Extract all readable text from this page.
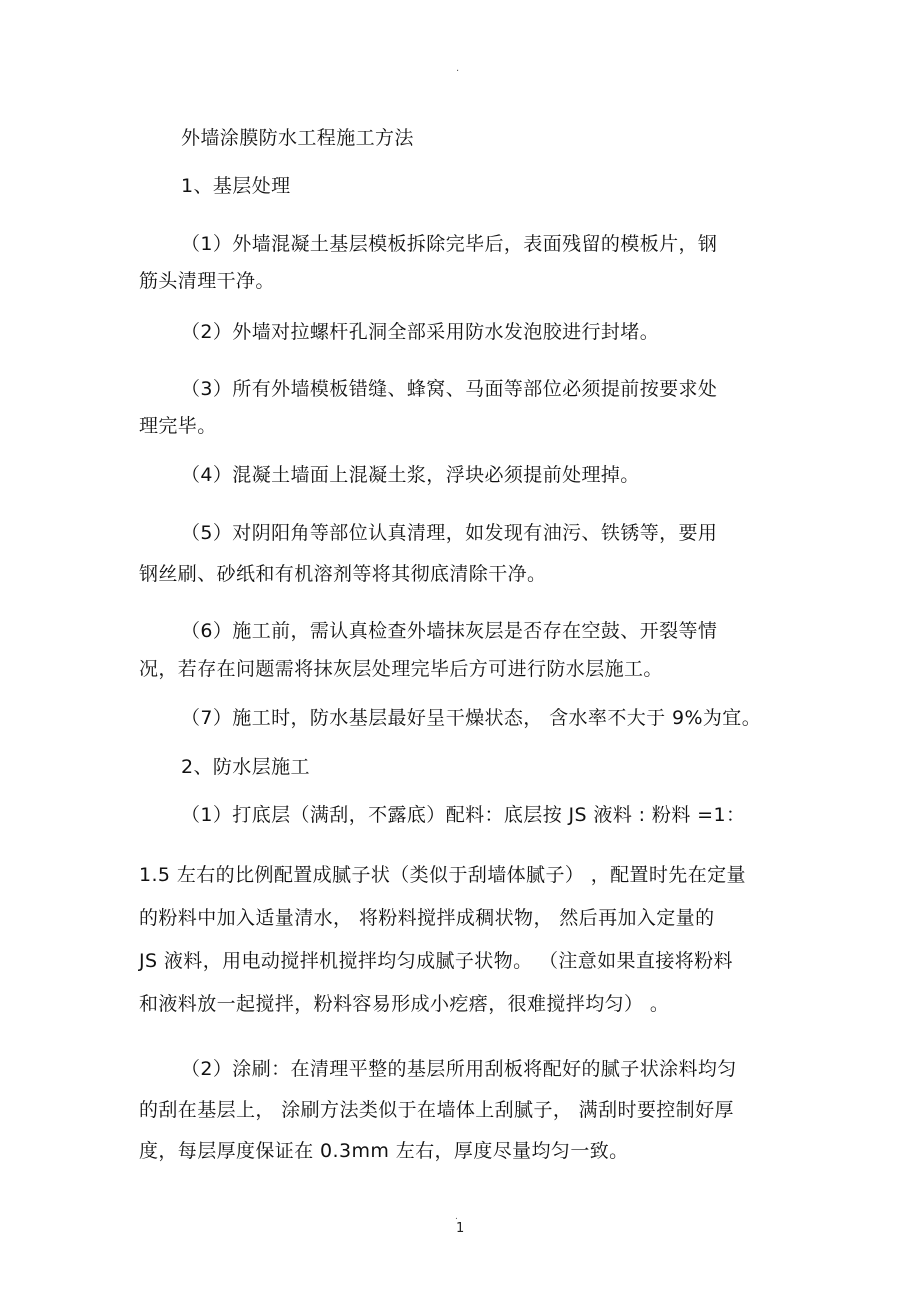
.
外墙涂膜防水工程施工方法
1、基层处理
（1）外墙混凝土基层模板拆除完毕后，表面残留的模板片，钢
筋头清理干净。
（2）外墙对拉螺杆孔洞全部采用防水发泡胶进行封堵。
（3）所有外墙模板错缝、蜂窝、马面等部位必须提前按要求处
理完毕。
（4）混凝土墙面上混凝土浆，浮块必须提前处理掉。
（5）对阴阳角等部位认真清理，如发现有油污、铁锈等，要用
钢丝刷、砂纸和有机溶剂等将其彻底清除干净。
（6）施工前，需认真检查外墙抹灰层是否存在空鼓、开裂等情
况，若存在问题需将抹灰层处理完毕后方可进行防水层施工。
（7）施工时，防水基层最好呈干燥状态， 含水率不大于 9%为宜。
2、防水层施工
（1）打底层（满刮，不露底）配料：底层按 JS 液料 : 粉料 =1：
1.5 左右的比例配置成腻子状（类似于刮墙体腻子） ，配置时先在定量
的粉料中加入适量清水， 将粉料搅拌成稠状物， 然后再加入定量的
JS 液料，用电动搅拌机搅拌均匀成腻子状物。 （注意如果直接将粉料
和液料放一起搅拌，粉料容易形成小疙瘩，很难搅拌均匀） 。
（2）涂刷：在清理平整的基层所用刮板将配好的腻子状涂料均匀
的刮在基层上， 涂刷方法类似于在墙体上刮腻子， 满刮时要控制好厚
度，每层厚度保证在 0.3mm 左右，厚度尽量均匀一致。
.
1
